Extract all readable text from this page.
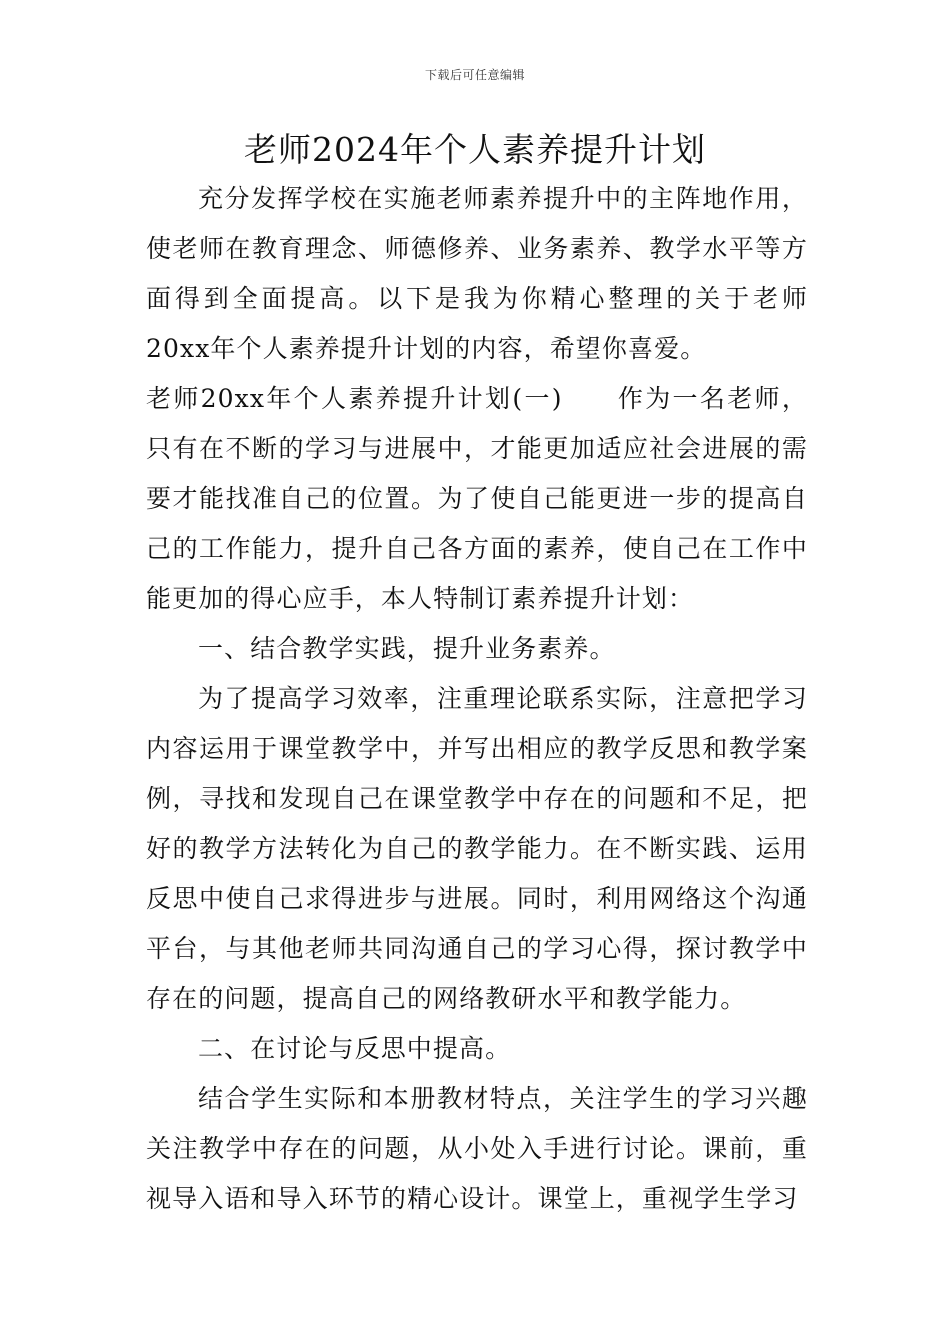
下载后可任意编辑
老师2024年个人素养提升计划

充分发挥学校在实施老师素养提升中的主阵地作用，使老师在教育理念、师德修养、业务素养、教学水平等方面得到全面提高。以下是我为你精心整理的关于老师20xx年个人素养提升计划的内容，希望你喜爱。

老师20xx年个人素养提升计划(一) 作为一名老师，只有在不断的学习与进展中，才能更加适应社会进展的需要才能找准自己的位置。为了使自己能更进一步的提高自己的工作能力，提升自己各方面的素养，使自己在工作中能更加的得心应手，本人特制订素养提升计划：

一、结合教学实践，提升业务素养。

为了提高学习效率，注重理论联系实际，注意把学习内容运用于课堂教学中，并写出相应的教学反思和教学案例，寻找和发现自己在课堂教学中存在的问题和不足，把好的教学方法转化为自己的教学能力。在不断实践、运用反思中使自己求得进步与进展。同时，利用网络这个沟通平台，与其他老师共同沟通自己的学习心得，探讨教学中存在的问题，提高自己的网络教研水平和教学能力。

二、在讨论与反思中提高。

结合学生实际和本册教材特点，关注学生的学习兴趣关注教学中存在的问题，从小处入手进行讨论。课前，重视导入语和导入环节的精心设计。课堂上，重视学生学习
